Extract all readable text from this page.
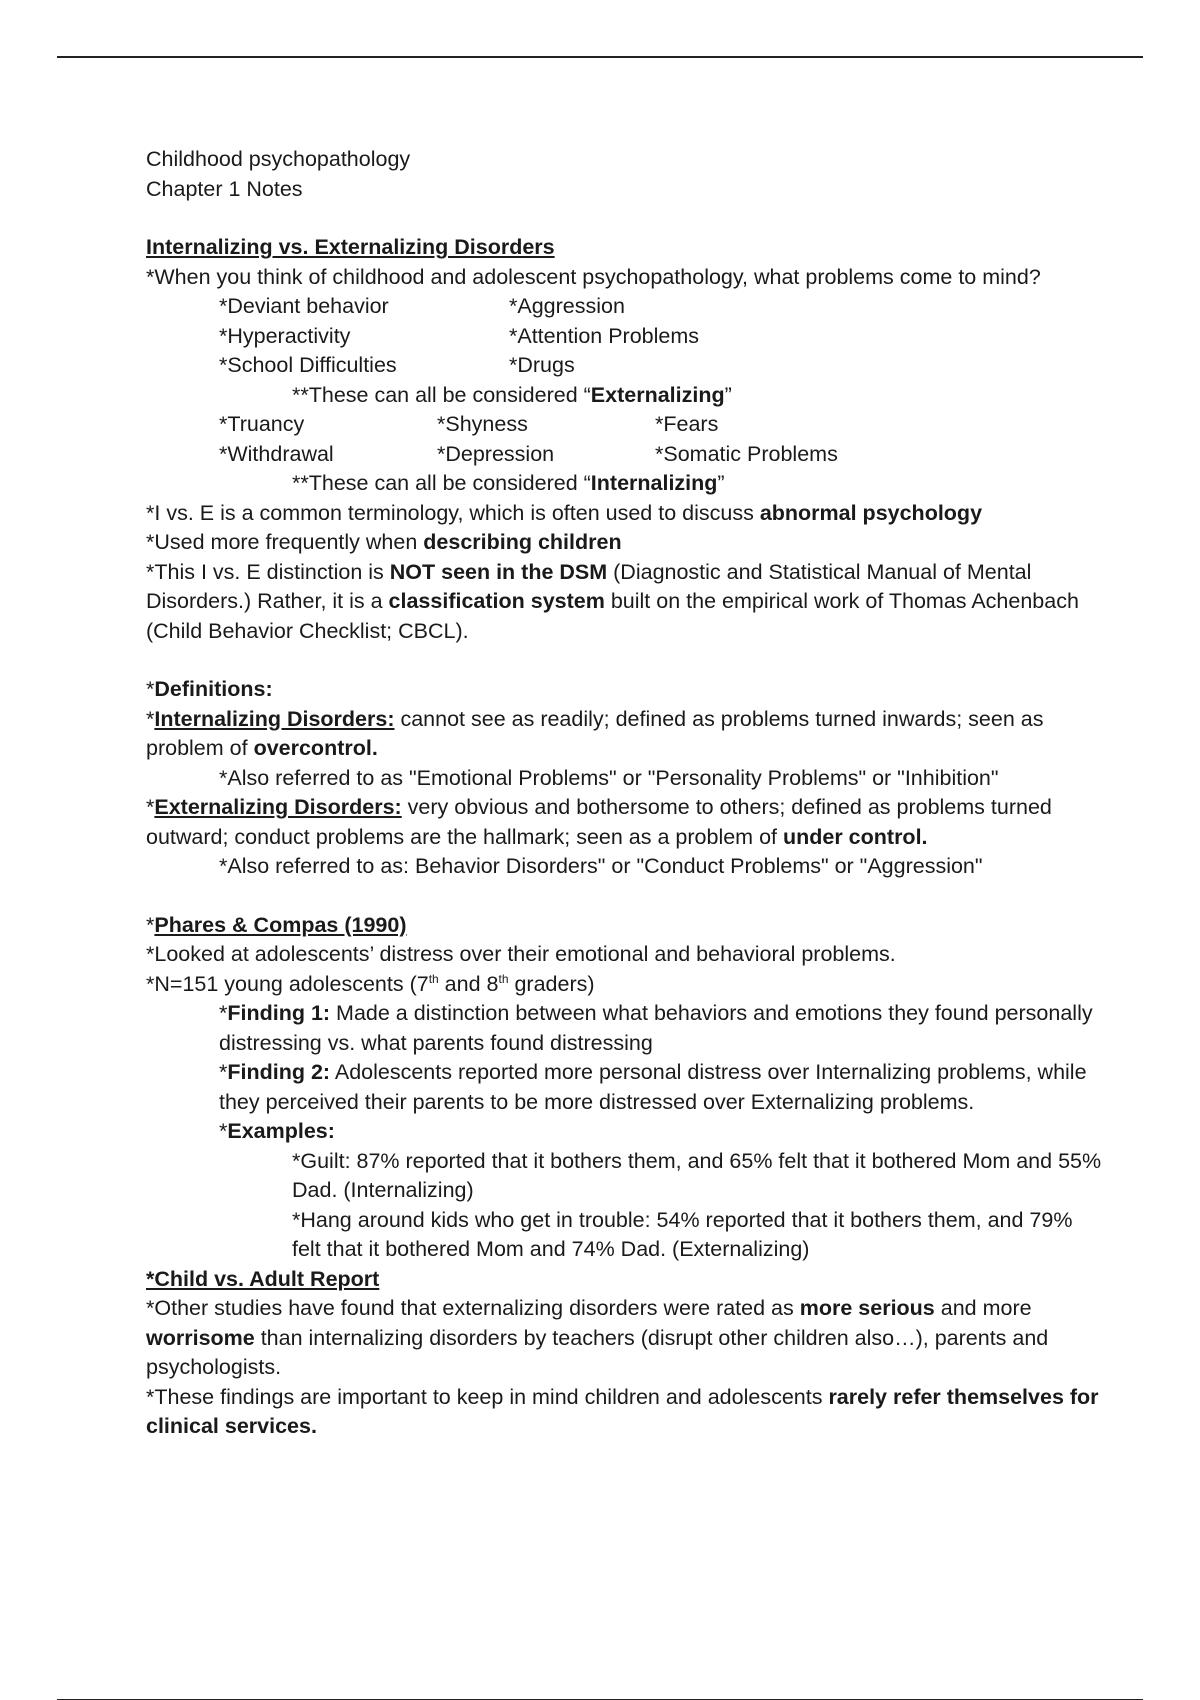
Childhood psychopathology
Chapter 1 Notes
Internalizing vs. Externalizing Disorders
*When you think of childhood and adolescent psychopathology, what problems come to mind?
*Deviant behavior	*Aggression
*Hyperactivity	*Attention Problems
*School Difficulties	*Drugs
**These can all be considered “Externalizing”
*Truancy	*Shyness	*Fears
*Withdrawal	*Depression	*Somatic Problems
**These can all be considered “Internalizing”
*I vs. E is a common terminology, which is often used to discuss abnormal psychology
*Used more frequently when describing children
*This I vs. E distinction is NOT seen in the DSM (Diagnostic and Statistical Manual of Mental Disorders.) Rather, it is a classification system built on the empirical work of Thomas Achenbach (Child Behavior Checklist; CBCL).
*Definitions:
*Internalizing Disorders: cannot see as readily; defined as problems turned inwards; seen as problem of overcontrol.
*Also referred to as "Emotional Problems" or "Personality Problems" or "Inhibition"
*Externalizing Disorders: very obvious and bothersome to others; defined as problems turned outward; conduct problems are the hallmark; seen as a problem of under control.
*Also referred to as: Behavior Disorders" or "Conduct Problems" or "Aggression"
*Phares & Compas (1990)
*Looked at adolescents’ distress over their emotional and behavioral problems.
*N=151 young adolescents (7th and 8th graders)
*Finding 1: Made a distinction between what behaviors and emotions they found personally distressing vs. what parents found distressing
*Finding 2: Adolescents reported more personal distress over Internalizing problems, while they perceived their parents to be more distressed over Externalizing problems.
*Examples:
*Guilt: 87% reported that it bothers them, and 65% felt that it bothered Mom and 55% Dad. (Internalizing)
*Hang around kids who get in trouble: 54% reported that it bothers them, and 79% felt that it bothered Mom and 74% Dad. (Externalizing)
*Child vs. Adult Report
*Other studies have found that externalizing disorders were rated as more serious and more worrisome than internalizing disorders by teachers (disrupt other children also…), parents and psychologists.
*These findings are important to keep in mind children and adolescents rarely refer themselves for clinical services.
